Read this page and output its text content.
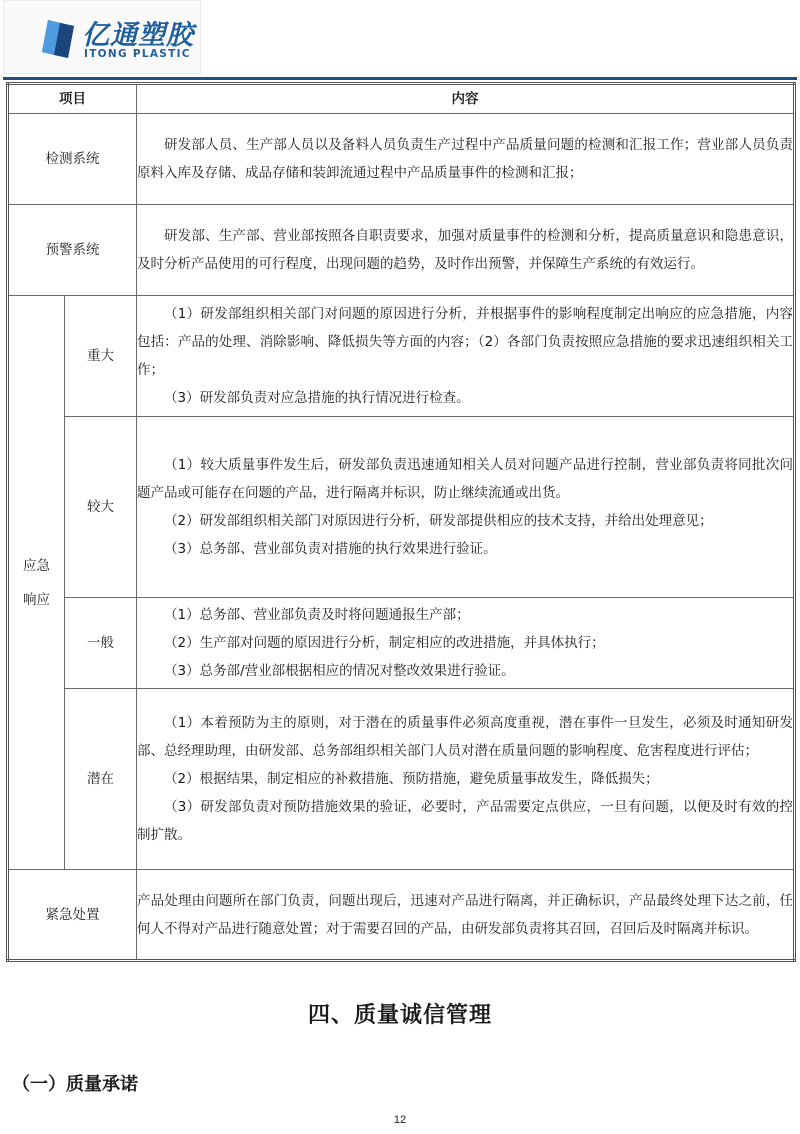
亿通塑胶
ITONG PLASTIC
项目		内容
检测系统		研发部人员、生产部人员以及备料人员负责生产过程中产品质量问题的检测和汇报工作；营业部人员负责原料入库及存储、成品存储和装卸流通过程中产品质量事件的检测和汇报；

预警系统		研发部、生产部、营业部按照各自职责要求，加强对质量事件的检测和分析，提高质量意识和隐患意识，及时分析产品使用的可行程度，出现问题的趋势，及时作出预警，并保障生产系统的有效运行。

应急
响应	重大	（1）研发部组织相关部门对问题的原因进行分析，并根据事件的影响程度制定出响应的应急措施，内容包括：产品的处理、消除影响、降低损失等方面的内容；（2）各部门负责按照应急措施的要求迅速组织相关工作；
（3）研发部负责对应急措施的执行情况进行检查。

	较大	（1）较大质量事件发生后，研发部负责迅速通知相关人员对问题产品进行控制，营业部负责将同批次问题产品或可能存在问题的产品，进行隔离并标识，防止继续流通或出货。
（2）研发部组织相关部门对原因进行分析，研发部提供相应的技术支持，并给出处理意见；
（3）总务部、营业部负责对措施的执行效果进行验证。

	一般	（1）总务部、营业部负责及时将问题通报生产部；
（2）生产部对问题的原因进行分析，制定相应的改进措施，并具体执行；
（3）总务部/营业部根据相应的情况对整改效果进行验证。

	潜在	（1）本着预防为主的原则，对于潜在的质量事件必须高度重视，潜在事件一旦发生，必须及时通知研发部、总经理助理，由研发部、总务部组织相关部门人员对潜在质量问题的影响程度、危害程度进行评估；
（2）根据结果，制定相应的补救措施、预防措施，避免质量事故发生，降低损失；
（3）研发部负责对预防措施效果的验证，必要时，产品需要定点供应，一旦有问题，以便及时有效的控制扩散。

紧急处置		产品处理由问题所在部门负责，问题出现后，迅速对产品进行隔离，并正确标识，产品最终处理下达之前，任何人不得对产品进行随意处置；对于需要召回的产品，由研发部负责将其召回，召回后及时隔离并标识。
四、质量诚信管理
（一）质量承诺
12
